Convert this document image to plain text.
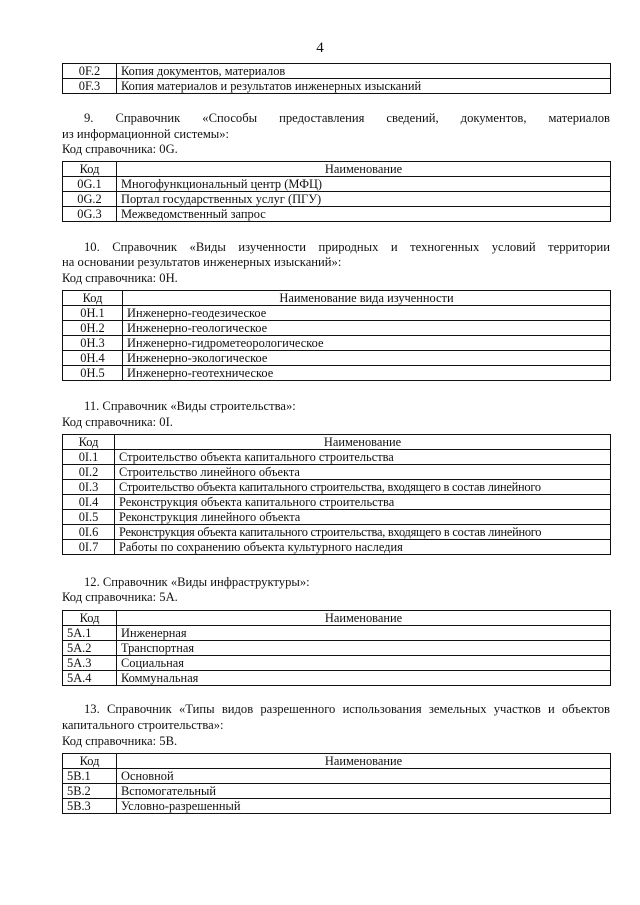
4
0F.2	Копия документов, материалов
0F.3	Копия материалов и результатов инженерных изысканий
9. Справочник «Способы предоставления сведений, документов, материалов
из информационной системы»:
Код справочника: 0G.
Код	Наименование
0G.1	Многофункциональный центр (МФЦ)
0G.2	Портал государственных услуг (ПГУ)
0G.3	Межведомственный запрос
10. Справочник «Виды изученности природных и техногенных условий территории
на основании результатов инженерных изысканий»:
Код справочника: 0H.
Код	Наименование вида изученности
0H.1	Инженерно-геодезическое
0H.2	Инженерно-геологическое
0H.3	Инженерно-гидрометеорологическое
0H.4	Инженерно-экологическое
0H.5	Инженерно-геотехническое
11. Справочник «Виды строительства»:
Код справочника: 0I.
Код	Наименование
0I.1	Строительство объекта капитального строительства
0I.2	Строительство линейного объекта
0I.3	Строительство объекта капитального строительства, входящего в состав линейного
0I.4	Реконструкция объекта капитального строительства
0I.5	Реконструкция линейного объекта
0I.6	Реконструкция объекта капитального строительства, входящего в состав линейного
0I.7	Работы по сохранению объекта культурного наследия
12. Справочник «Виды инфраструктуры»:
Код справочника: 5A.
Код	Наименование
5A.1	Инженерная
5A.2	Транспортная
5A.3	Социальная
5A.4	Коммунальная
13. Справочник «Типы видов разрешенного использования земельных участков и объектов
капитального строительства»:
Код справочника: 5B.
Код	Наименование
5B.1	Основной
5B.2	Вспомогательный
5B.3	Условно-разрешенный
